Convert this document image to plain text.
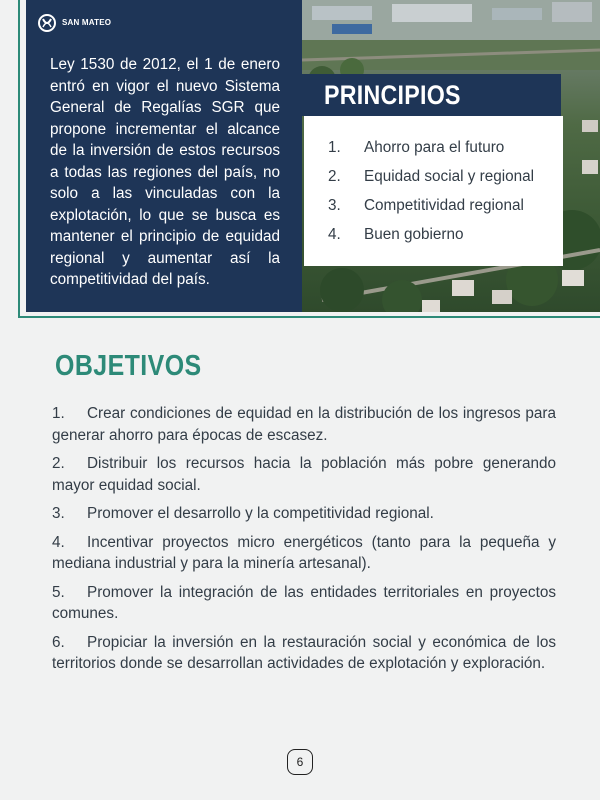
SAN MATEO

Ley 1530 de 2012, el 1 de enero entró en vigor el nuevo Sistema General de Regalías SGR que propone incrementar el alcance de la inversión de estos recursos a todas las regiones del país, no solo a las vinculadas con la explotación, lo que se busca es mantener el principio de equidad regional y aumentar así la competitividad del país.

PRINCIPIOS
1.	Ahorro para el futuro
2.	Equidad social y regional
3.	Competitividad regional
4.	Buen gobierno
OBJETIVOS
1. Crear condiciones de equidad en la distribución de los ingresos para generar ahorro para épocas de escasez.
2. Distribuir los recursos hacia la población más pobre generando mayor equidad social.
3. Promover el desarrollo y la competitividad regional.
4. Incentivar proyectos micro energéticos (tanto para la pequeña y mediana industrial y para la minería artesanal).
5. Promover la integración de las entidades territoriales en proyectos comunes.
6. Propiciar la inversión en la restauración social y económica de los territorios donde se desarrollan actividades de explotación y exploración.
6
